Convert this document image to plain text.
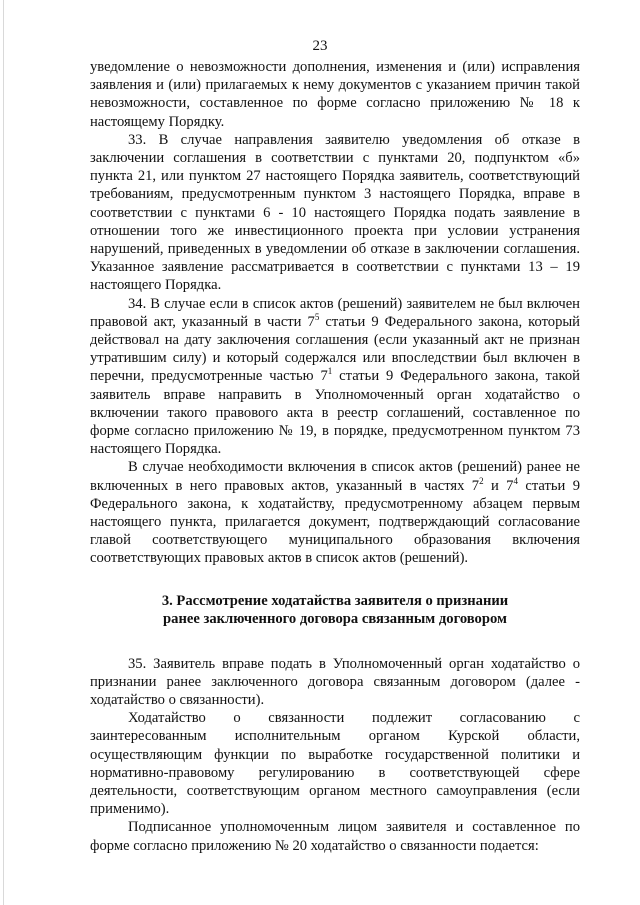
23

уведомление о невозможности дополнения, изменения и (или) исправления заявления и (или) прилагаемых к нему документов с указанием причин такой невозможности, составленное по форме согласно приложению № 18 к настоящему Порядку.

33. В случае направления заявителю уведомления об отказе в заключении соглашения в соответствии с пунктами 20, подпунктом «б» пункта 21, или пунктом 27 настоящего Порядка заявитель, соответствующий требованиям, предусмотренным пунктом 3 настоящего Порядка, вправе в соответствии с пунктами 6 - 10 настоящего Порядка подать заявление в отношении того же инвестиционного проекта при условии устранения нарушений, приведенных в уведомлении об отказе в заключении соглашения. Указанное заявление рассматривается в соответствии с пунктами 13 – 19 настоящего Порядка.

34. В случае если в список актов (решений) заявителем не был включен правовой акт, указанный в части $7^5$ статьи 9 Федерального закона, который действовал на дату заключения соглашения (если указанный акт не признан утратившим силу) и который содержался или впоследствии был включен в перечни, предусмотренные частью $7^1$ статьи 9 Федерального закона, такой заявитель вправе направить в Уполномоченный орган ходатайство о включении такого правового акта в реестр соглашений, составленное по форме согласно приложению № 19, в порядке, предусмотренном пунктом 73 настоящего Порядка.

В случае необходимости включения в список актов (решений) ранее не включенных в него правовых актов, указанный в частях $7^2$ и $7^4$ статьи 9 Федерального закона, к ходатайству, предусмотренному абзацем первым настоящего пункта, прилагается документ, подтверждающий согласование главой соответствующего муниципального образования включения соответствующих правовых актов в список актов (решений).

3. Рассмотрение ходатайства заявителя о признании
ранее заключенного договора связанным договором

35. Заявитель вправе подать в Уполномоченный орган ходатайство о признании ранее заключенного договора связанным договором (далее - ходатайство о связанности).

Ходатайство о связанности подлежит согласованию с заинтересованным исполнительным органом Курской области, осуществляющим функции по выработке государственной политики и нормативно-правовому регулированию в соответствующей сфере деятельности, соответствующим органом местного самоуправления (если применимо).

Подписанное уполномоченным лицом заявителя и составленное по форме согласно приложению № 20 ходатайство о связанности подается:
